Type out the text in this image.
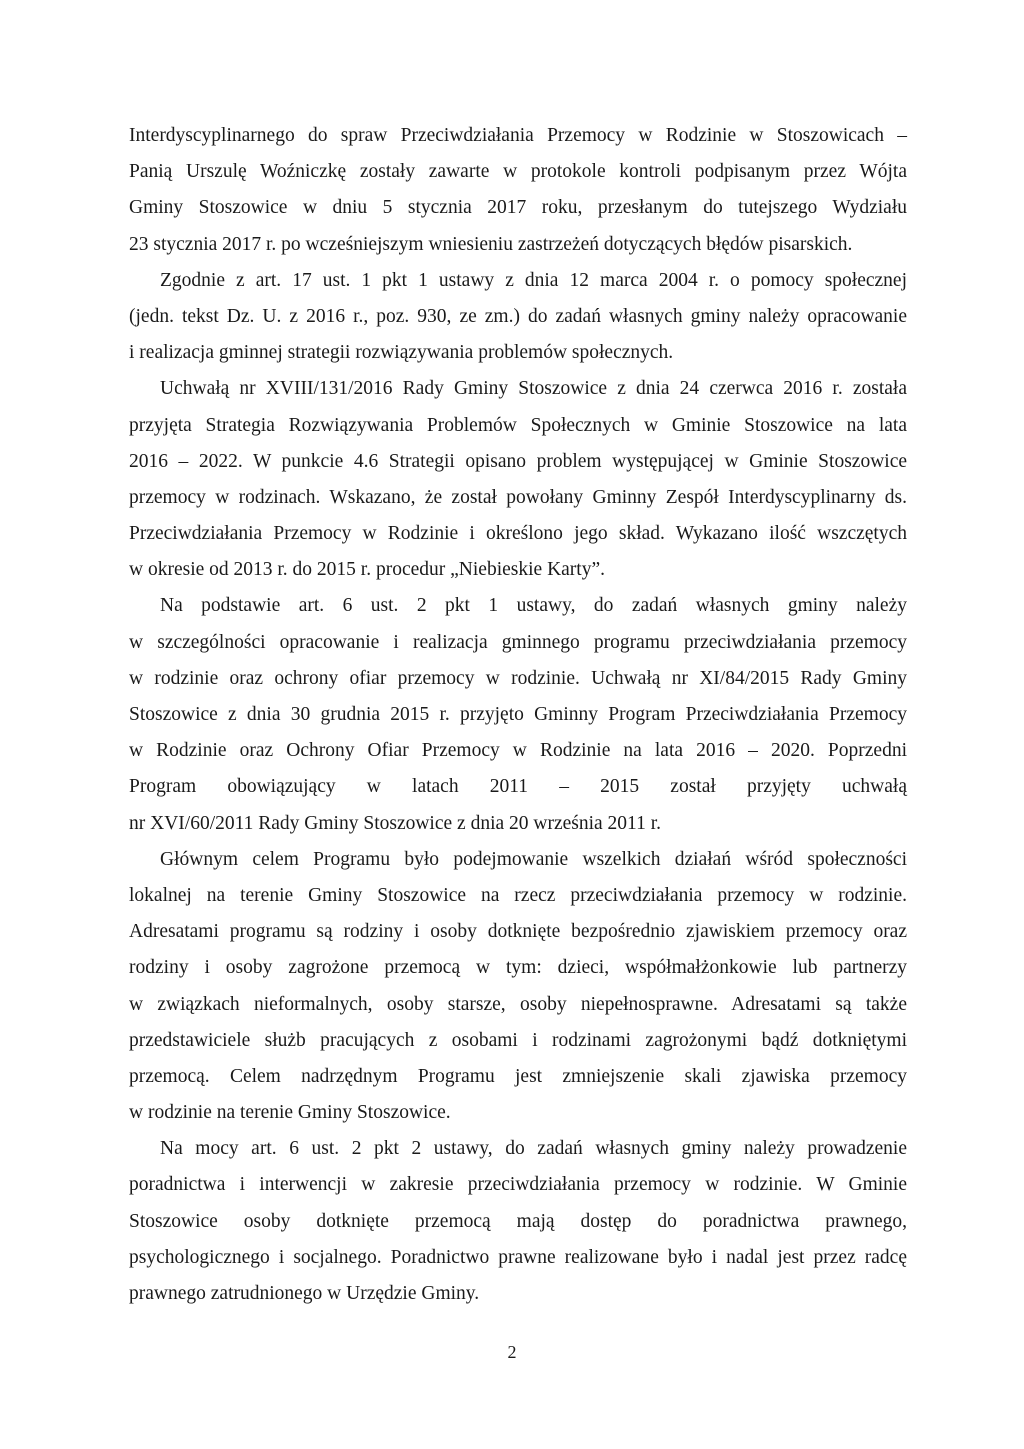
Interdyscyplinarnego do spraw Przeciwdziałania Przemocy w Rodzinie w Stoszowicach –
Panią Urszulę Woźniczkę zostały zawarte w protokole kontroli podpisanym przez Wójta
Gminy Stoszowice w dniu 5 stycznia 2017 roku, przesłanym do tutejszego Wydziału
23 stycznia 2017 r. po wcześniejszym wniesieniu zastrzeżeń dotyczących błędów pisarskich.
Zgodnie z art. 17 ust. 1 pkt 1 ustawy z dnia 12 marca 2004 r. o pomocy społecznej
(jedn. tekst Dz. U. z 2016 r., poz. 930, ze zm.) do zadań własnych gminy należy opracowanie
i realizacja gminnej strategii rozwiązywania problemów społecznych.
Uchwałą nr XVIII/131/2016 Rady Gminy Stoszowice z dnia 24 czerwca 2016 r. została
przyjęta Strategia Rozwiązywania Problemów Społecznych w Gminie Stoszowice na lata
2016 – 2022. W punkcie 4.6 Strategii opisano problem występującej w Gminie Stoszowice
przemocy w rodzinach. Wskazano, że został powołany Gminny Zespół Interdyscyplinarny ds.
Przeciwdziałania Przemocy w Rodzinie i określono jego skład. Wykazano ilość wszczętych
w okresie od 2013 r. do 2015 r. procedur „Niebieskie Karty”.
Na podstawie art. 6 ust. 2 pkt 1 ustawy, do zadań własnych gminy należy
w szczególności opracowanie i realizacja gminnego programu przeciwdziałania przemocy
w rodzinie oraz ochrony ofiar przemocy w rodzinie. Uchwałą nr XI/84/2015 Rady Gminy
Stoszowice z dnia 30 grudnia 2015 r. przyjęto Gminny Program Przeciwdziałania Przemocy
w Rodzinie oraz Ochrony Ofiar Przemocy w Rodzinie na lata 2016 – 2020. Poprzedni
Program obowiązujący w latach 2011 – 2015 został przyjęty uchwałą
nr XVI/60/2011 Rady Gminy Stoszowice z dnia 20 września 2011 r.
Głównym celem Programu było podejmowanie wszelkich działań wśród społeczności
lokalnej na terenie Gminy Stoszowice na rzecz przeciwdziałania przemocy w rodzinie.
Adresatami programu są rodziny i osoby dotknięte bezpośrednio zjawiskiem przemocy oraz
rodziny i osoby zagrożone przemocą w tym: dzieci, współmałżonkowie lub partnerzy
w związkach nieformalnych, osoby starsze, osoby niepełnosprawne. Adresatami są także
przedstawiciele służb pracujących z osobami i rodzinami zagrożonymi bądź dotkniętymi
przemocą. Celem nadrzędnym Programu jest zmniejszenie skali zjawiska przemocy
w rodzinie na terenie Gminy Stoszowice.
Na mocy art. 6 ust. 2 pkt 2 ustawy, do zadań własnych gminy należy prowadzenie
poradnictwa i interwencji w zakresie przeciwdziałania przemocy w rodzinie. W Gminie
Stoszowice osoby dotknięte przemocą mają dostęp do poradnictwa prawnego,
psychologicznego i socjalnego. Poradnictwo prawne realizowane było i nadal jest przez radcę
prawnego zatrudnionego w Urzędzie Gminy.
2
